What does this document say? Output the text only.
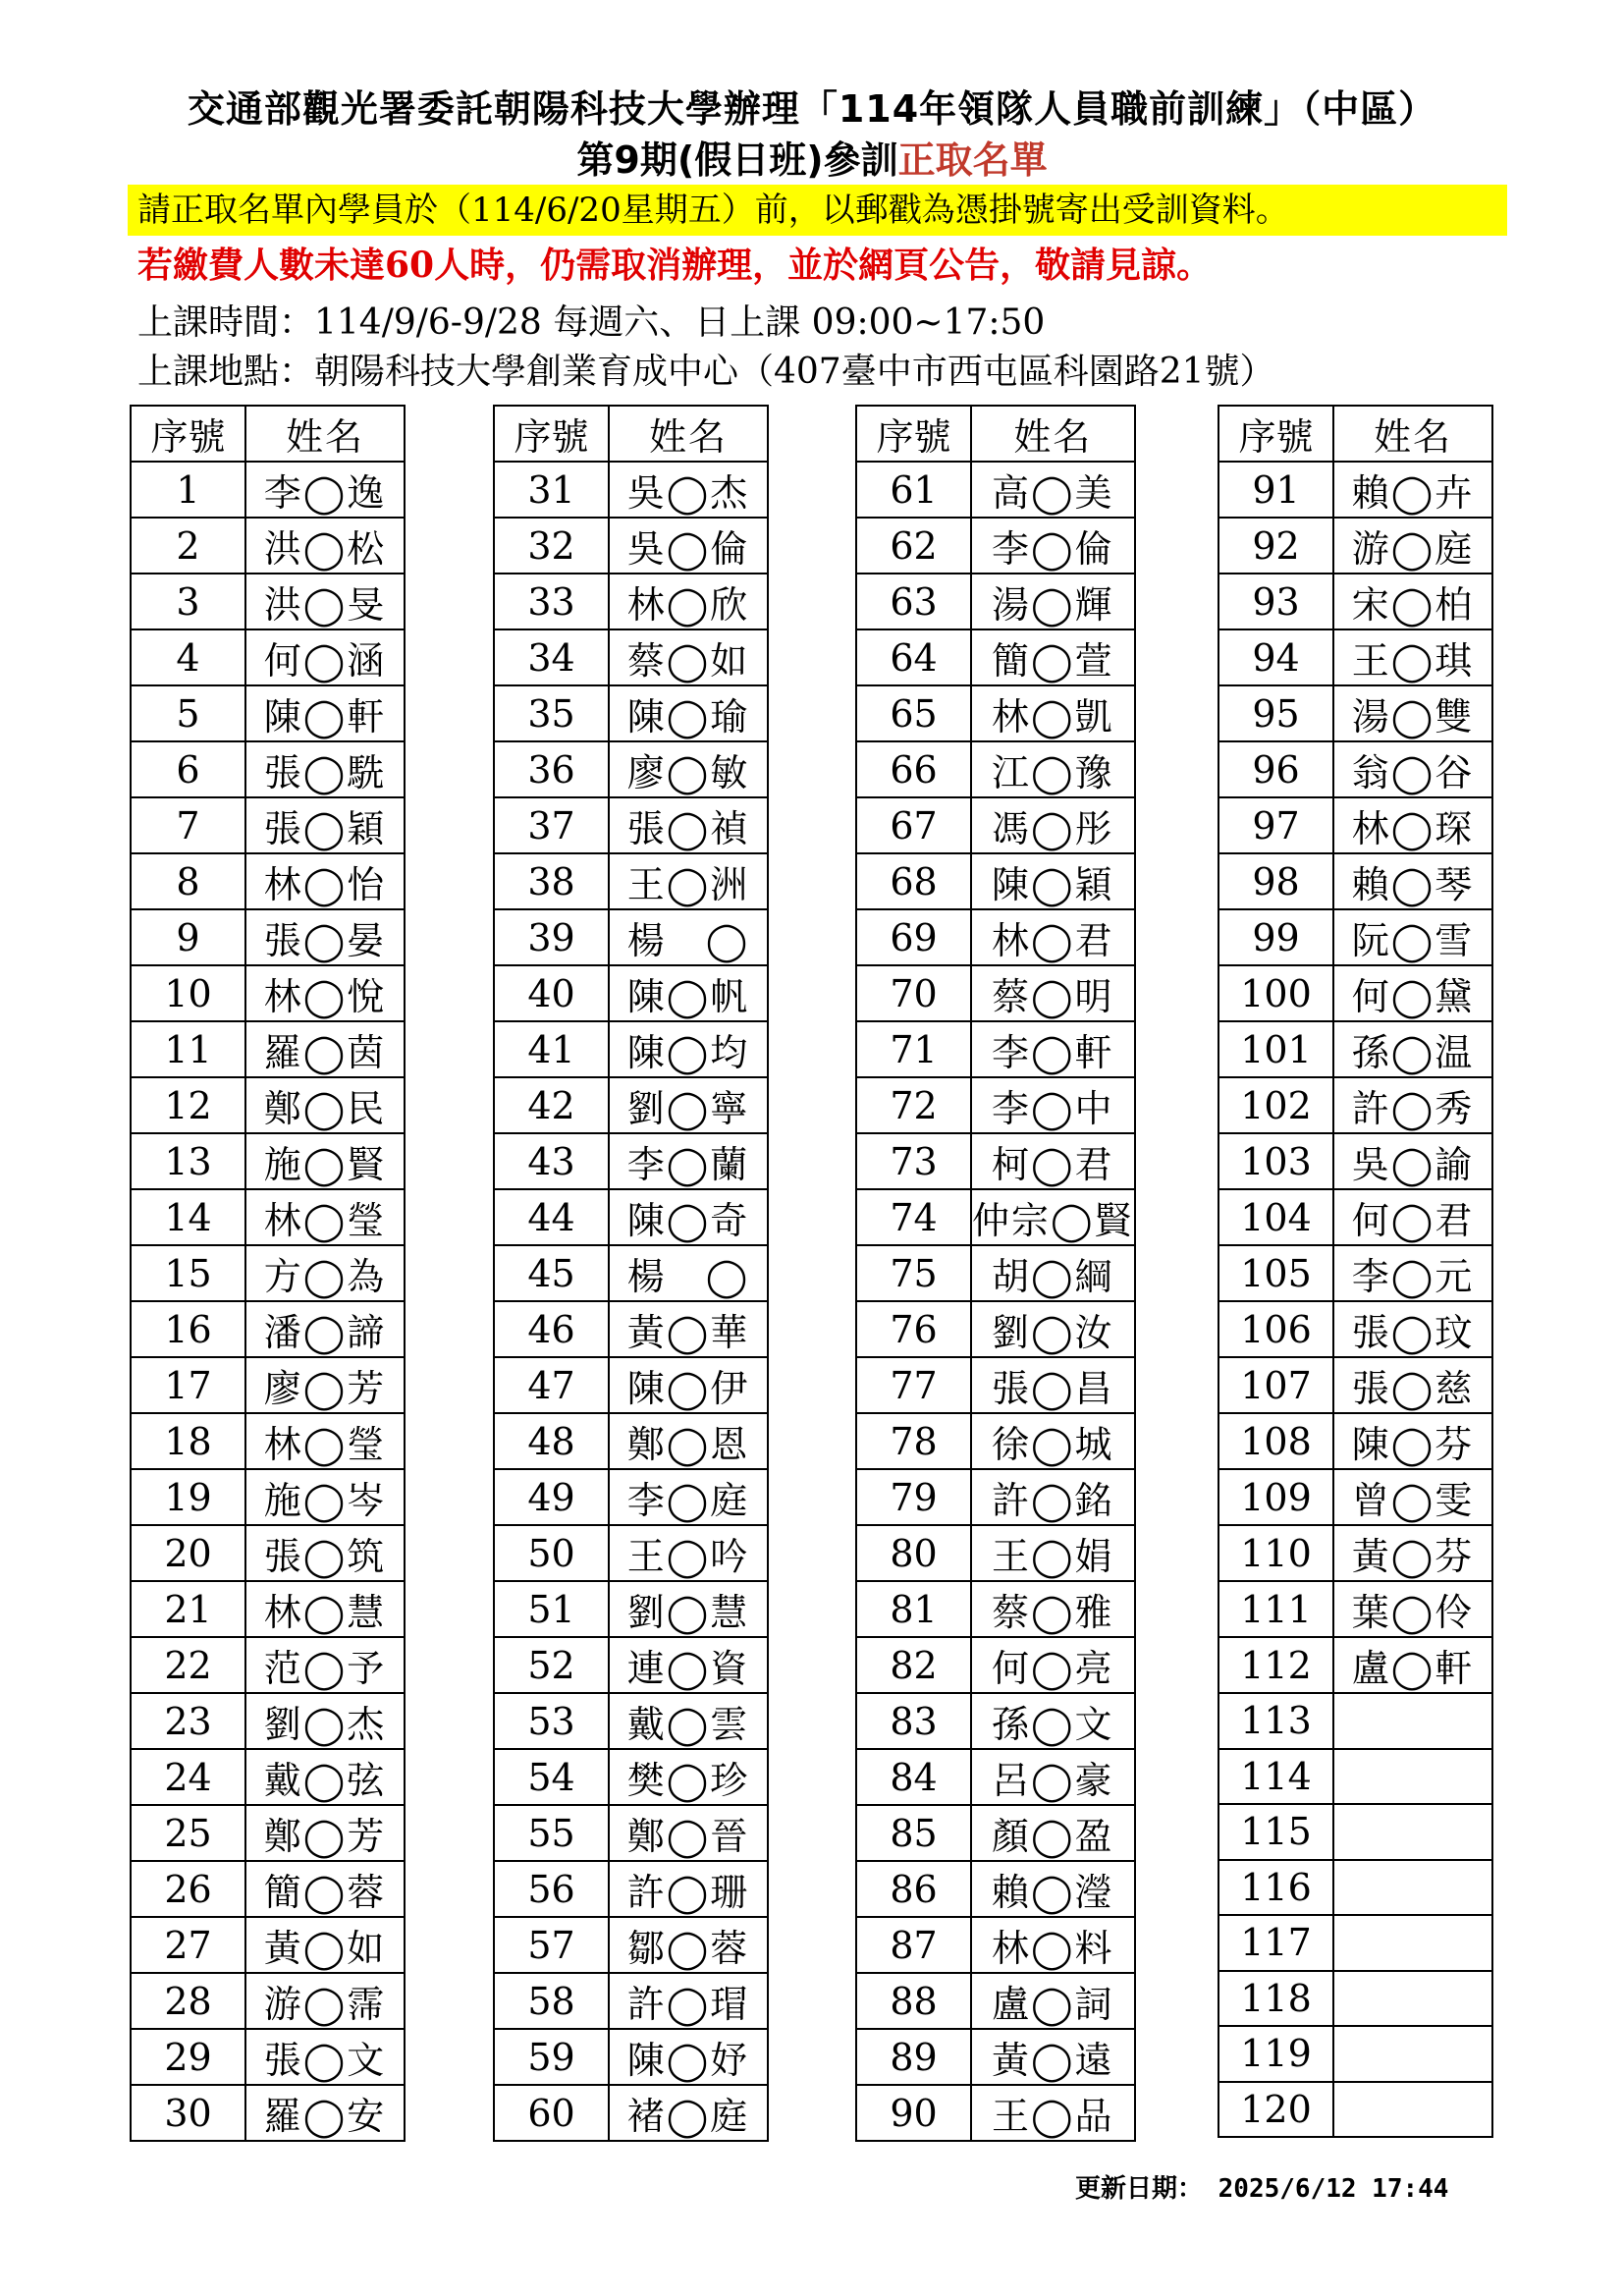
交通部觀光署委託朝陽科技大學辦理「114年領隊人員職前訓練」（中區）
第9期(假日班)參訓正取名單
請正取名單內學員於（114/6/20星期五）前，以郵戳為憑掛號寄出受訓資料。
若繳費人數未達60人時，仍需取消辦理，並於網頁公告，敬請見諒。
上課時間：114/9/6-9/28 每週六、日上課 09:00~17:50
上課地點：朝陽科技大學創業育成中心（407臺中市西屯區科園路21號）
序號	姓名
1	李◯逸
2	洪◯松
3	洪◯旻
4	何◯涵
5	陳◯軒
6	張◯駪
7	張◯穎
8	林◯怡
9	張◯晏
10	林◯悅
11	羅◯茵
12	鄭◯民
13	施◯賢
14	林◯瑩
15	方◯為
16	潘◯諦
17	廖◯芳
18	林◯瑩
19	施◯岑
20	張◯筑
21	林◯慧
22	范◯予
23	劉◯杰
24	戴◯弦
25	鄭◯芳
26	簡◯蓉
27	黃◯如
28	游◯霈
29	張◯文
30	羅◯安
序號	姓名
31	吳◯杰
32	吳◯倫
33	林◯欣
34	蔡◯如
35	陳◯瑜
36	廖◯敏
37	張◯禎
38	王◯洲
39	楊　◯
40	陳◯帆
41	陳◯均
42	劉◯寧
43	李◯蘭
44	陳◯奇
45	楊　◯
46	黃◯華
47	陳◯伊
48	鄭◯恩
49	李◯庭
50	王◯吟
51	劉◯慧
52	連◯資
53	戴◯雲
54	樊◯珍
55	鄭◯晉
56	許◯珊
57	鄒◯蓉
58	許◯瑁
59	陳◯妤
60	褚◯庭
序號	姓名
61	高◯美
62	李◯倫
63	湯◯輝
64	簡◯萱
65	林◯凱
66	江◯豫
67	馮◯彤
68	陳◯穎
69	林◯君
70	蔡◯明
71	李◯軒
72	李◯中
73	柯◯君
74	仲宗◯賢
75	胡◯綱
76	劉◯汝
77	張◯昌
78	徐◯城
79	許◯銘
80	王◯娟
81	蔡◯雅
82	何◯亮
83	孫◯文
84	呂◯豪
85	顏◯盈
86	賴◯瀅
87	林◯料
88	盧◯詞
89	黃◯遠
90	王◯品
序號	姓名
91	賴◯卉
92	游◯庭
93	宋◯柏
94	王◯琪
95	湯◯雙
96	翁◯谷
97	林◯琛
98	賴◯琴
99	阮◯雪
100	何◯黛
101	孫◯温
102	許◯秀
103	吳◯諭
104	何◯君
105	李◯元
106	張◯玟
107	張◯慈
108	陳◯芬
109	曾◯雯
110	黃◯芬
111	葉◯伶
112	盧◯軒
113	
114	
115	
116	
117	
118	
119	
120	
更新日期： 2025/6/12 17:44
